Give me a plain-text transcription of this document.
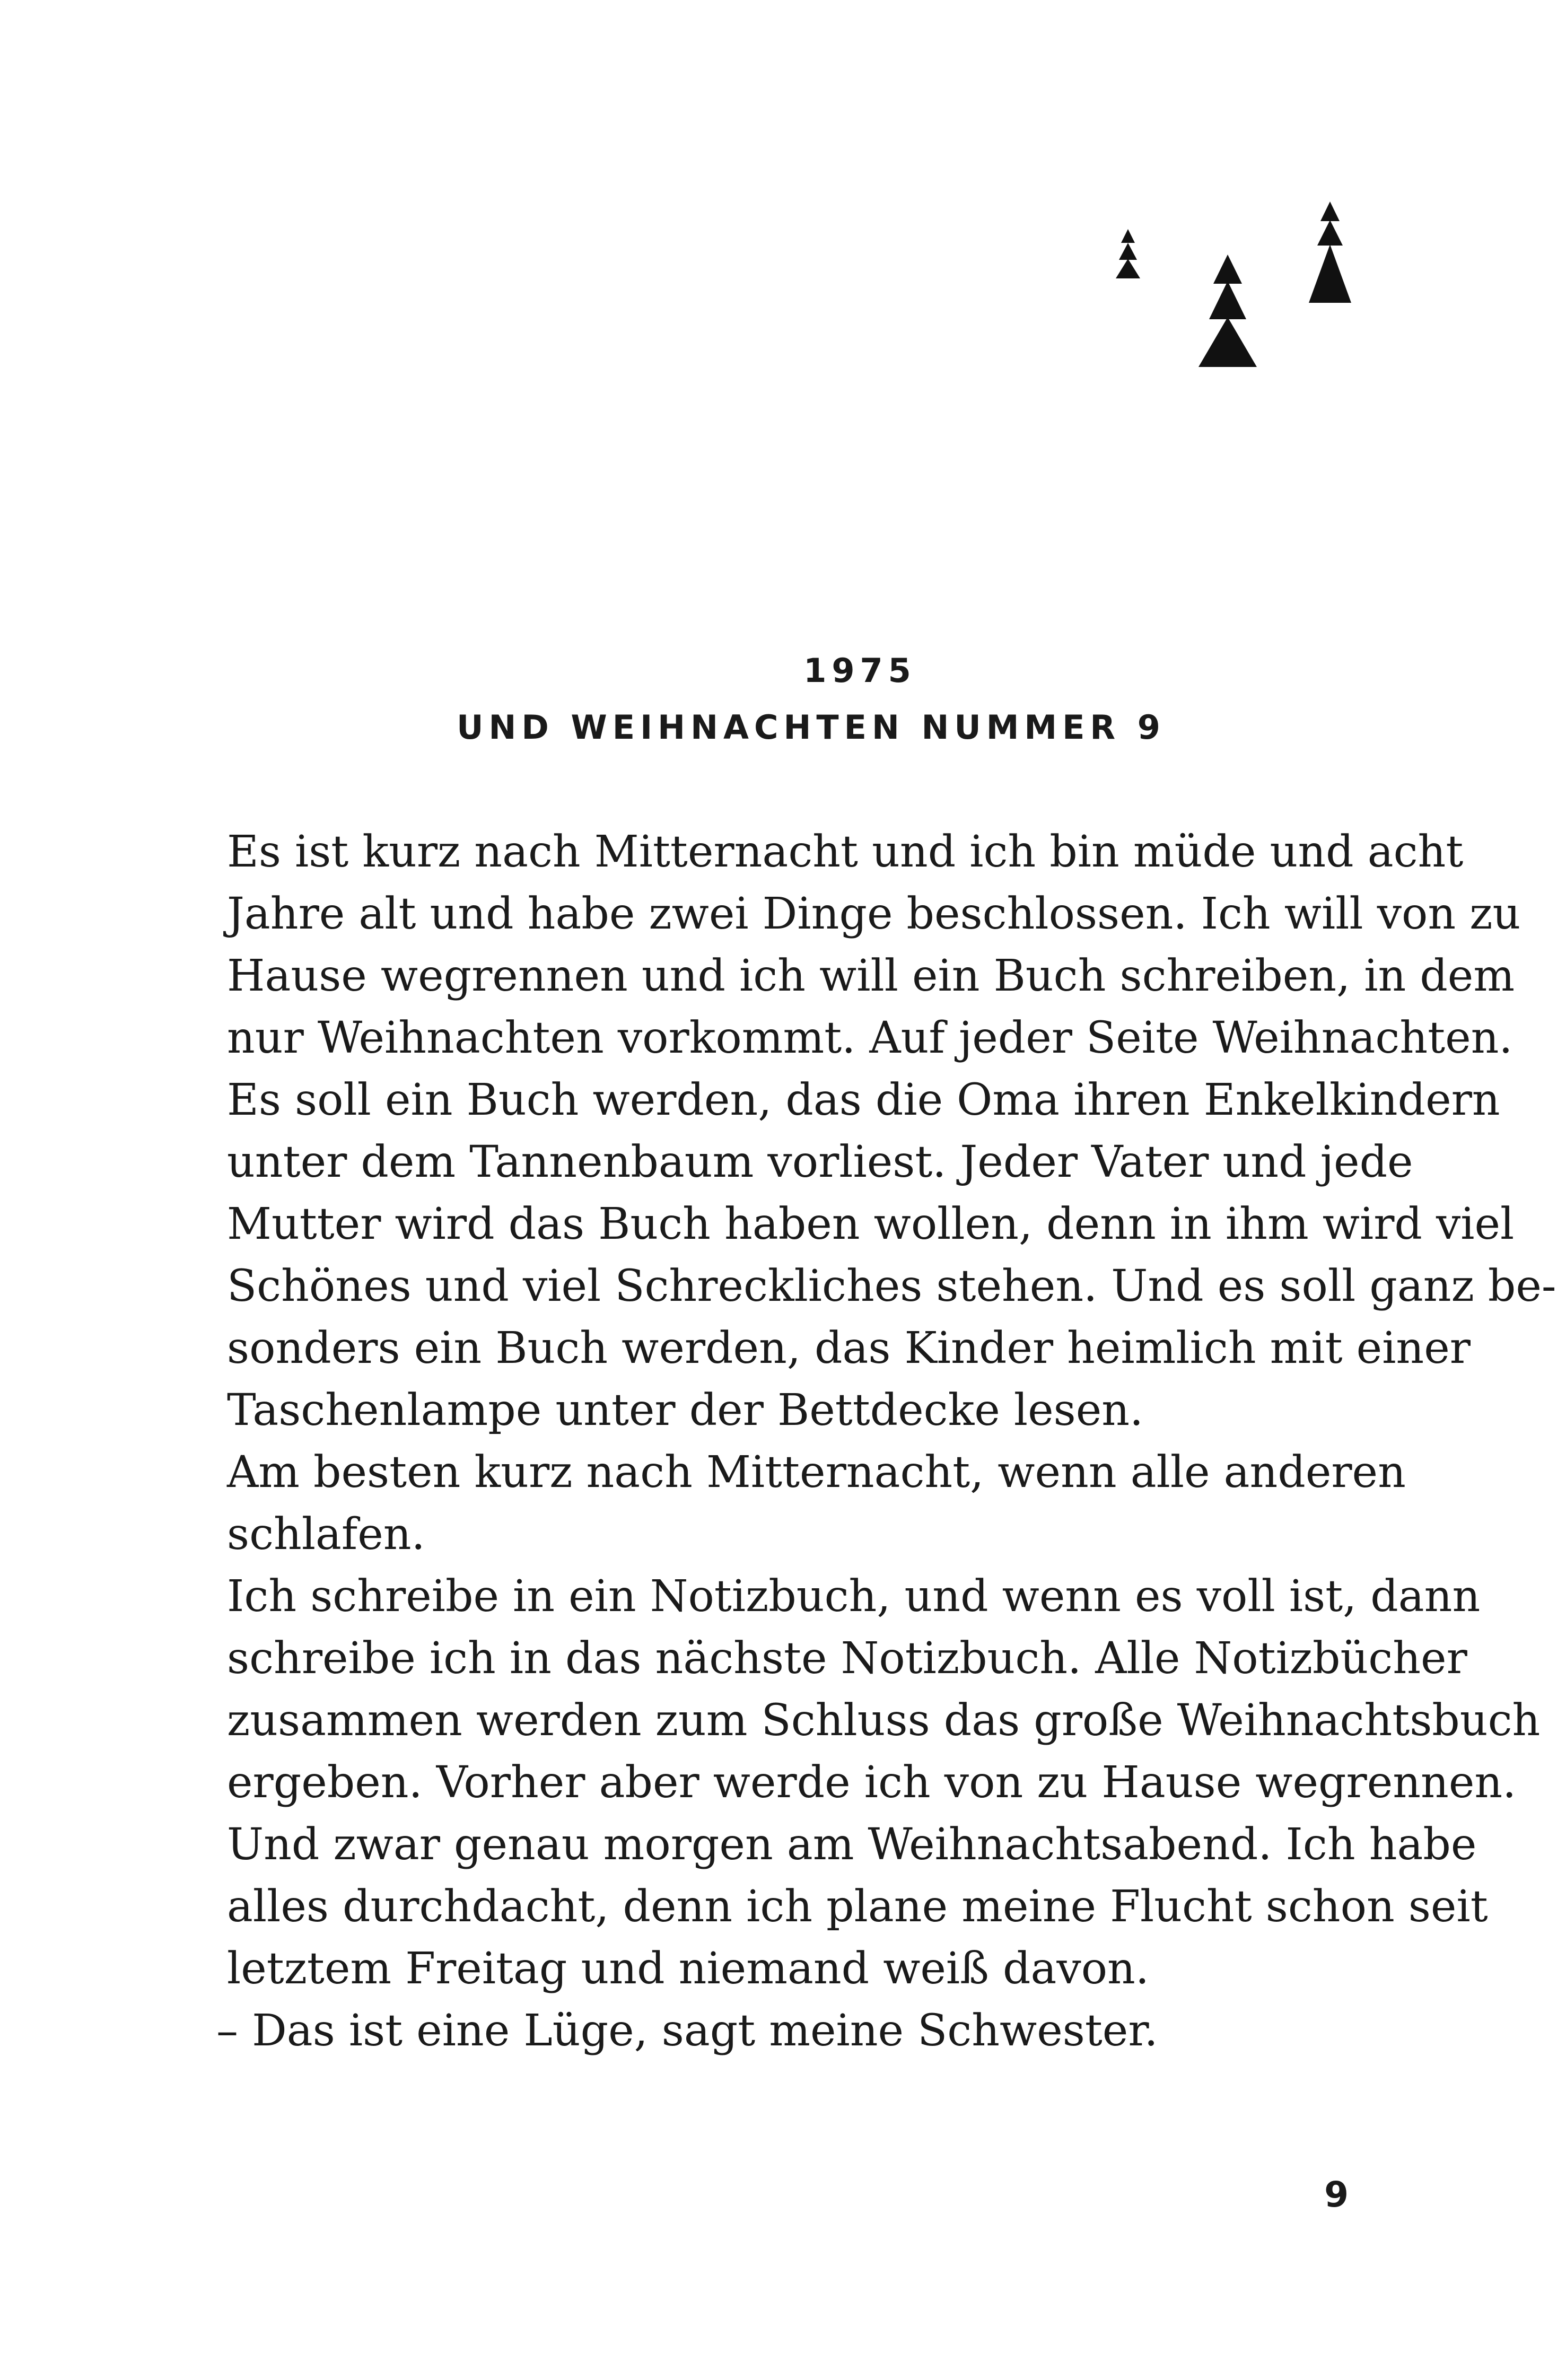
1975
UND WEIHNACHTEN NUMMER 9
Es ist kurz nach Mitternacht und ich bin müde und acht
Jahre alt und habe zwei Dinge beschlossen. Ich will von zu
Hause wegrennen und ich will ein Buch schreiben, in dem
nur Weihnachten vorkommt. Auf jeder Seite Weihnachten.
Es soll ein Buch werden, das die Oma ihren Enkelkindern
unter dem Tannenbaum vorliest. Jeder Vater und jede
Mutter wird das Buch haben wollen, denn in ihm wird viel
Schönes und viel Schreckliches stehen. Und es soll ganz be-
sonders ein Buch werden, das Kinder heimlich mit einer
Taschenlampe unter der Bettdecke lesen.
Am besten kurz nach Mitternacht, wenn alle anderen
schlafen.
Ich schreibe in ein Notizbuch, und wenn es voll ist, dann
schreibe ich in das nächste Notizbuch. Alle Notizbücher
zusammen werden zum Schluss das große Weihnachtsbuch
ergeben. Vorher aber werde ich von zu Hause wegrennen.
Und zwar genau morgen am Weihnachtsabend. Ich habe
alles durchdacht, denn ich plane meine Flucht schon seit
letztem Freitag und niemand weiß davon.
– Das ist eine Lüge, sagt meine Schwester.
9
